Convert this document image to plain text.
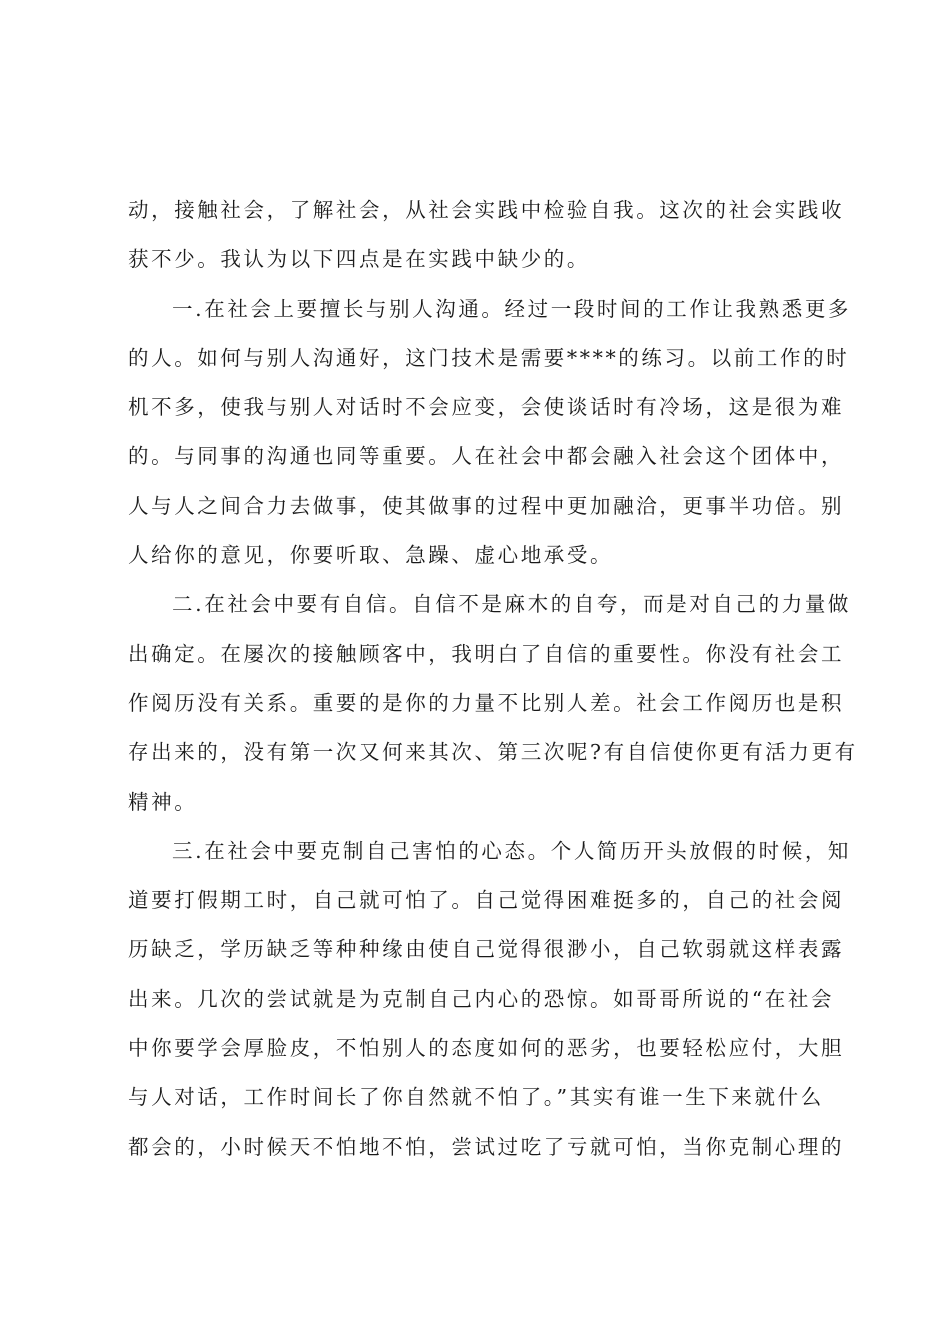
动，接触社会，了解社会，从社会实践中检验自我。这次的社会实践收
获不少。我认为以下四点是在实践中缺少的。
一.在社会上要擅长与别人沟通。经过一段时间的工作让我熟悉更多
的人。如何与别人沟通好，这门技术是需要****的练习。以前工作的时
机不多，使我与别人对话时不会应变，会使谈话时有冷场，这是很为难
的。与同事的沟通也同等重要。人在社会中都会融入社会这个团体中，
人与人之间合力去做事，使其做事的过程中更加融洽，更事半功倍。别
人给你的意见，你要听取、急躁、虚心地承受。
二.在社会中要有自信。自信不是麻木的自夸，而是对自己的力量做
出确定。在屡次的接触顾客中，我明白了自信的重要性。你没有社会工
作阅历没有关系。重要的是你的力量不比别人差。社会工作阅历也是积
存出来的，没有第一次又何来其次、第三次呢?有自信使你更有活力更有
精神。
三.在社会中要克制自己害怕的心态。个人简历开头放假的时候，知
道要打假期工时，自己就可怕了。自己觉得困难挺多的，自己的社会阅
历缺乏，学历缺乏等种种缘由使自己觉得很渺小，自己软弱就这样表露
出来。几次的尝试就是为克制自己内心的恐惊。如哥哥所说的“在社会
中你要学会厚脸皮，不怕别人的态度如何的恶劣，也要轻松应付，大胆
与人对话，工作时间长了你自然就不怕了。”其实有谁一生下来就什么
都会的，小时候天不怕地不怕，尝试过吃了亏就可怕，当你克制心理的
